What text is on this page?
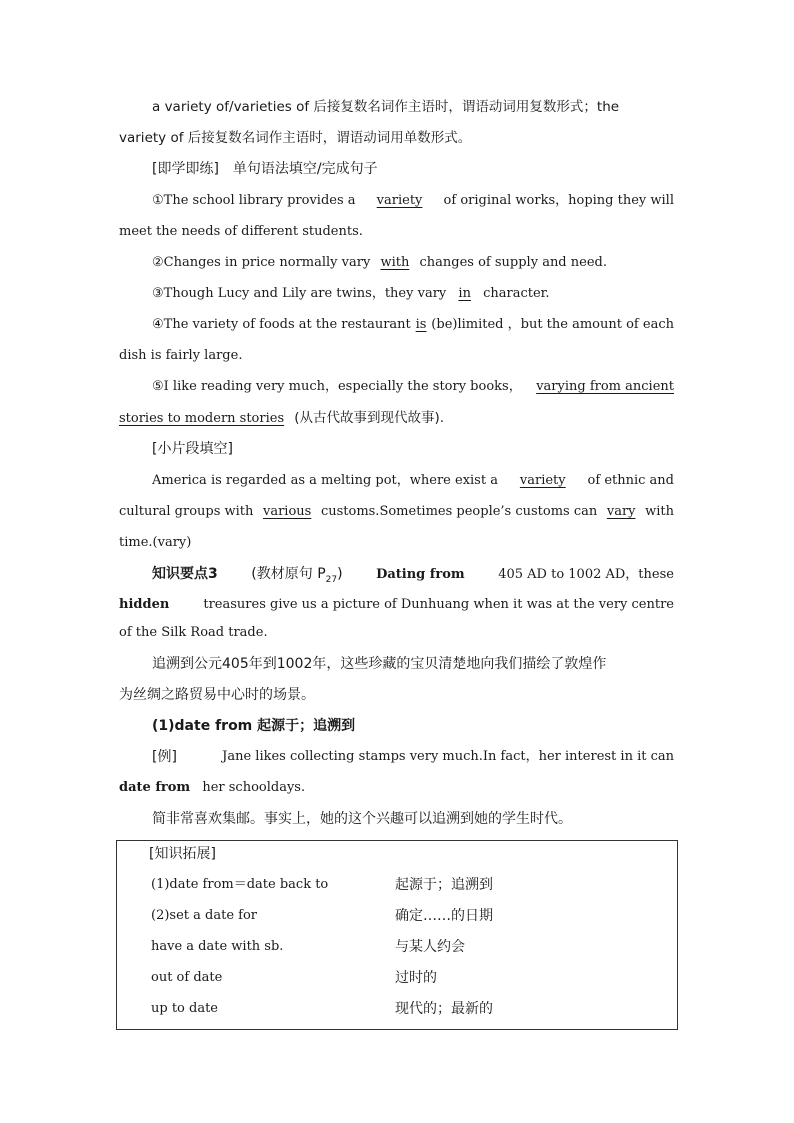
a variety of/varieties of 后接复数名词作主语时，谓语动词用复数形式；the
variety of 后接复数名词作主语时，谓语动词用单数形式。
[即学即练]　单句语法填空/完成句子
①The school library provides a variety of original works，hoping they will
meet the needs of different students.
②Changes in price normally vary with changes of supply and need.
③Though Lucy and Lily are twins，they vary in character.
④The variety of foods at the restaurant is (be)limited ，but the amount of each
dish is fairly large.
⑤I like reading very much，especially the story books， varying from ancient
stories to modern stories (从古代故事到现代故事).
[小片段填空]
America is regarded as a melting pot，where exist a variety of ethnic and
cultural groups with various customs.Sometimes people’s customs can vary with
time.(vary)
知识要点3 (教材原句 $P_{27}$)	Dating from	405 AD to 1002 AD，these
hidden	treasures give us a picture of Dunhuang when it was at the very centre
of the Silk Road trade.
追溯到公元405年到1002年，这些珍藏的宝贝清楚地向我们描绘了敦煌作
为丝绸之路贸易中心时的场景。
(1)date from 起源于；追溯到
[例]	Jane likes collecting stamps very much.In fact，her interest in it can
date from her schooldays.
简非常喜欢集邮。事实上，她的这个兴趣可以追溯到她的学生时代。
[知识拓展]
(1)date from＝date back to	起源于；追溯到
(2)set a date for	确定……的日期
have a date with sb.	与某人约会
out of date	过时的
up to date	现代的；最新的
